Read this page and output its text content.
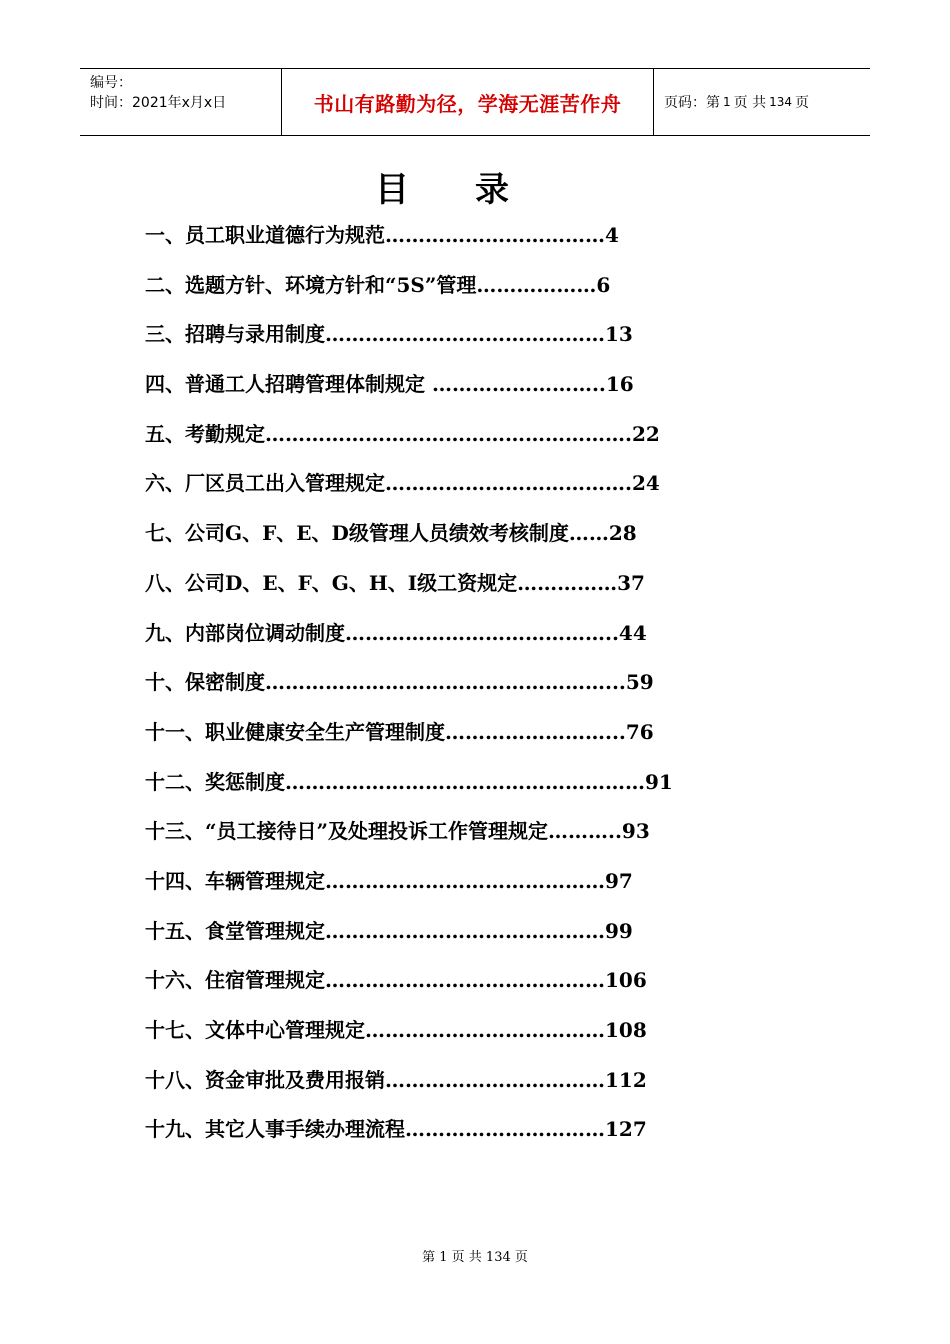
编号：
时间：2021年x月x日	书山有路勤为径，学海无涯苦作舟	页码：第 1 页 共 134 页
目录
一、员工职业道德行为规范……………………………4
二、选题方针、环境方针和“5S”管理………………6
三、招聘与录用制度……………………………………13
四、普通工人招聘管理体制规定 ……………………..16
五、考勤规定……………………………………………….22
六、厂区员工出入管理规定……………………………….24
七、公司G、F、E、D级管理人员绩效考核制度……28
八、公司D、E、F、G、H、I级工资规定……………37
九、内部岗位调动制度…………………………………..44
十、保密制度……………………………………………...59
十一、职业健康安全生产管理制度……………………...76
十二、奖惩制度………………………………………………91
十三、“员工接待日”及处理投诉工作管理规定………..93
十四、车辆管理规定……………………………………97
十五、食堂管理规定……………………………………99
十六、住宿管理规定……………………………………106
十七、文体中心管理规定………………………………108
十八、资金审批及费用报销……………………………112
十九、其它人事手续办理流程…………………………127
第 1 页 共 134 页
